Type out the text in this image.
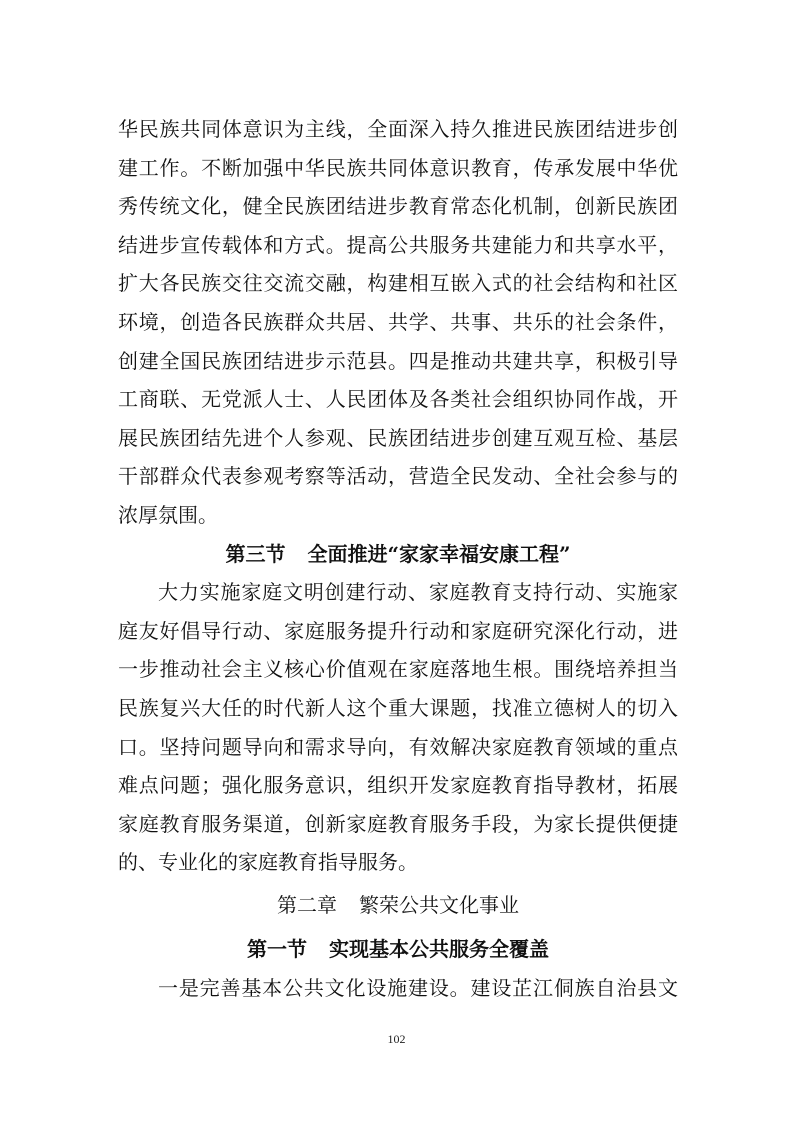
华民族共同体意识为主线，全面深入持久推进民族团结进步创
建工作。不断加强中华民族共同体意识教育，传承发展中华优
秀传统文化，健全民族团结进步教育常态化机制，创新民族团
结进步宣传载体和方式。提高公共服务共建能力和共享水平，
扩大各民族交往交流交融，构建相互嵌入式的社会结构和社区
环境，创造各民族群众共居、共学、共事、共乐的社会条件，
创建全国民族团结进步示范县。四是推动共建共享，积极引导
工商联、无党派人士、人民团体及各类社会组织协同作战，开
展民族团结先进个人参观、民族团结进步创建互观互检、基层
干部群众代表参观考察等活动，营造全民发动、全社会参与的
浓厚氛围。
第三节 全面推进“家家幸福安康工程”
大力实施家庭文明创建行动、家庭教育支持行动、实施家
庭友好倡导行动、家庭服务提升行动和家庭研究深化行动，进
一步推动社会主义核心价值观在家庭落地生根。围绕培养担当
民族复兴大任的时代新人这个重大课题，找准立德树人的切入
口。坚持问题导向和需求导向，有效解决家庭教育领域的重点
难点问题；强化服务意识，组织开发家庭教育指导教材，拓展
家庭教育服务渠道，创新家庭教育服务手段，为家长提供便捷
的、专业化的家庭教育指导服务。
第二章 繁荣公共文化事业
第一节 实现基本公共服务全覆盖
一是完善基本公共文化设施建设。建设芷江侗族自治县文
102
